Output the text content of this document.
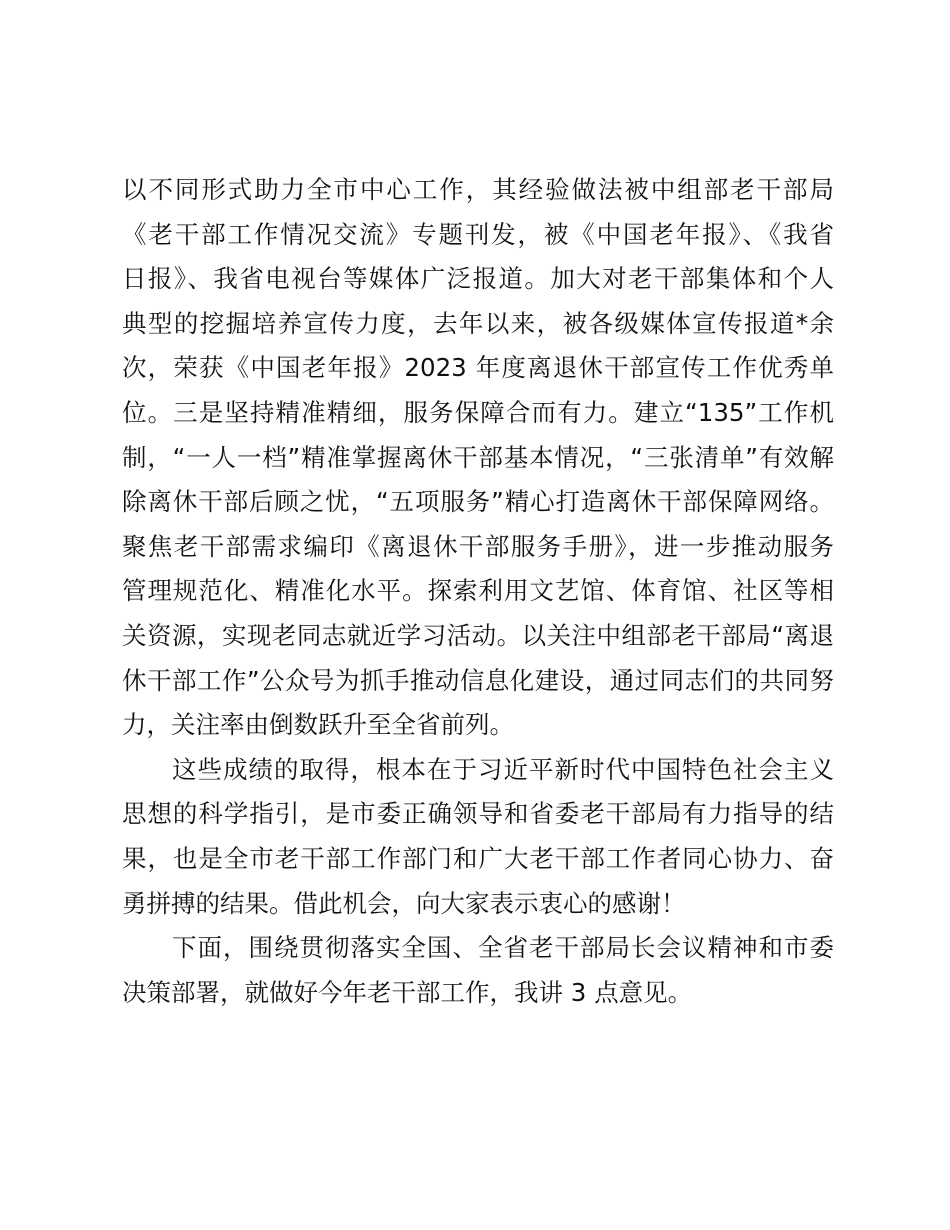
以不同形式助力全市中心工作，其经验做法被中组部老干部局
《老干部工作情况交流》专题刊发，被《中国老年报》、《我省
日报》、我省电视台等媒体广泛报道。加大对老干部集体和个人
典型的挖掘培养宣传力度，去年以来，被各级媒体宣传报道*余
次，荣获《中国老年报》2023 年度离退休干部宣传工作优秀单
位。三是坚持精准精细，服务保障合而有力。建立“135”工作机
制，“一人一档”精准掌握离休干部基本情况，“三张清单”有效解
除离休干部后顾之忧，“五项服务”精心打造离休干部保障网络。
聚焦老干部需求编印《离退休干部服务手册》，进一步推动服务
管理规范化、精准化水平。探索利用文艺馆、体育馆、社区等相
关资源，实现老同志就近学习活动。以关注中组部老干部局“离退
休干部工作”公众号为抓手推动信息化建设，通过同志们的共同努
力，关注率由倒数跃升至全省前列。
这些成绩的取得，根本在于习近平新时代中国特色社会主义
思想的科学指引，是市委正确领导和省委老干部局有力指导的结
果，也是全市老干部工作部门和广大老干部工作者同心协力、奋
勇拼搏的结果。借此机会，向大家表示衷心的感谢！
下面，围绕贯彻落实全国、全省老干部局长会议精神和市委
决策部署，就做好今年老干部工作，我讲 3 点意见。
